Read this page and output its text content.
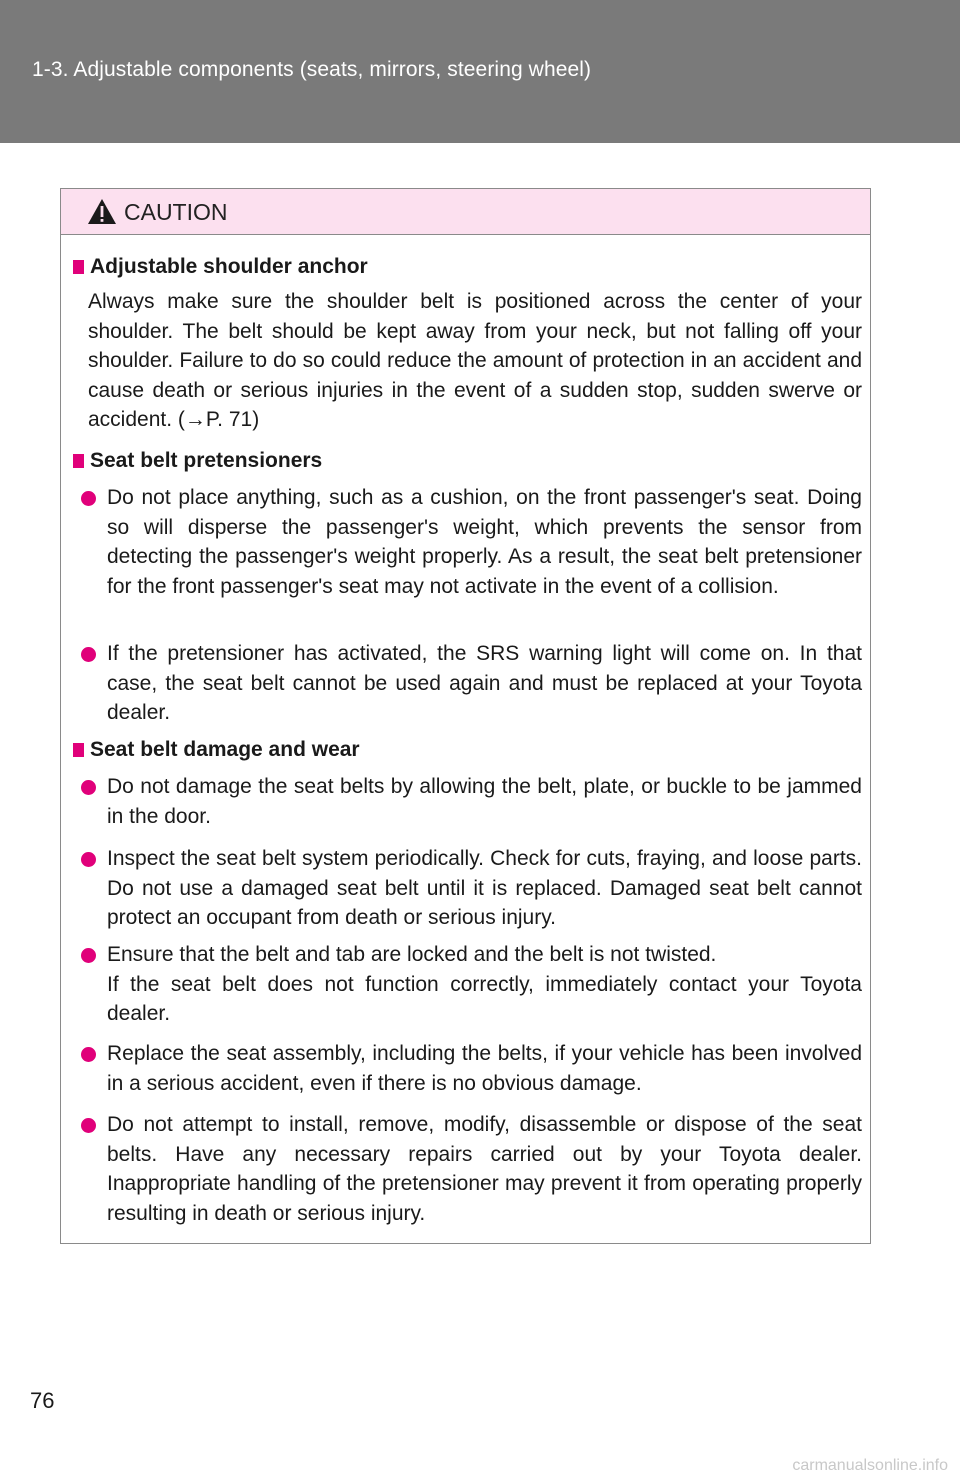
1-3. Adjustable components (seats, mirrors, steering wheel)
CAUTION
Adjustable shoulder anchor
Always make sure the shoulder belt is positioned across the center of your shoulder. The belt should be kept away from your neck, but not falling off your shoulder. Failure to do so could reduce the amount of protection in an accident and cause death or serious injuries in the event of a sudden stop, sudden swerve or accident. (→P. 71)
Seat belt pretensioners
Do not place anything, such as a cushion, on the front passenger's seat. Doing so will disperse the passenger's weight, which prevents the sensor from detecting the passenger's weight properly. As a result, the seat belt pretensioner for the front passenger's seat may not activate in the event of a collision.
If the pretensioner has activated, the SRS warning light will come on. In that case, the seat belt cannot be used again and must be replaced at your Toyota dealer.
Seat belt damage and wear
Do not damage the seat belts by allowing the belt, plate, or buckle to be jammed in the door.
Inspect the seat belt system periodically. Check for cuts, fraying, and loose parts. Do not use a damaged seat belt until it is replaced. Damaged seat belt cannot protect an occupant from death or serious injury.
Ensure that the belt and tab are locked and the belt is not twisted.
If the seat belt does not function correctly, immediately contact your Toyota dealer.
Replace the seat assembly, including the belts, if your vehicle has been involved in a serious accident, even if there is no obvious damage.
Do not attempt to install, remove, modify, disassemble or dispose of the seat belts. Have any necessary repairs carried out by your Toyota dealer. Inappropriate handling of the pretensioner may prevent it from operating properly resulting in death or serious injury.
76
carmanualsonline.info
